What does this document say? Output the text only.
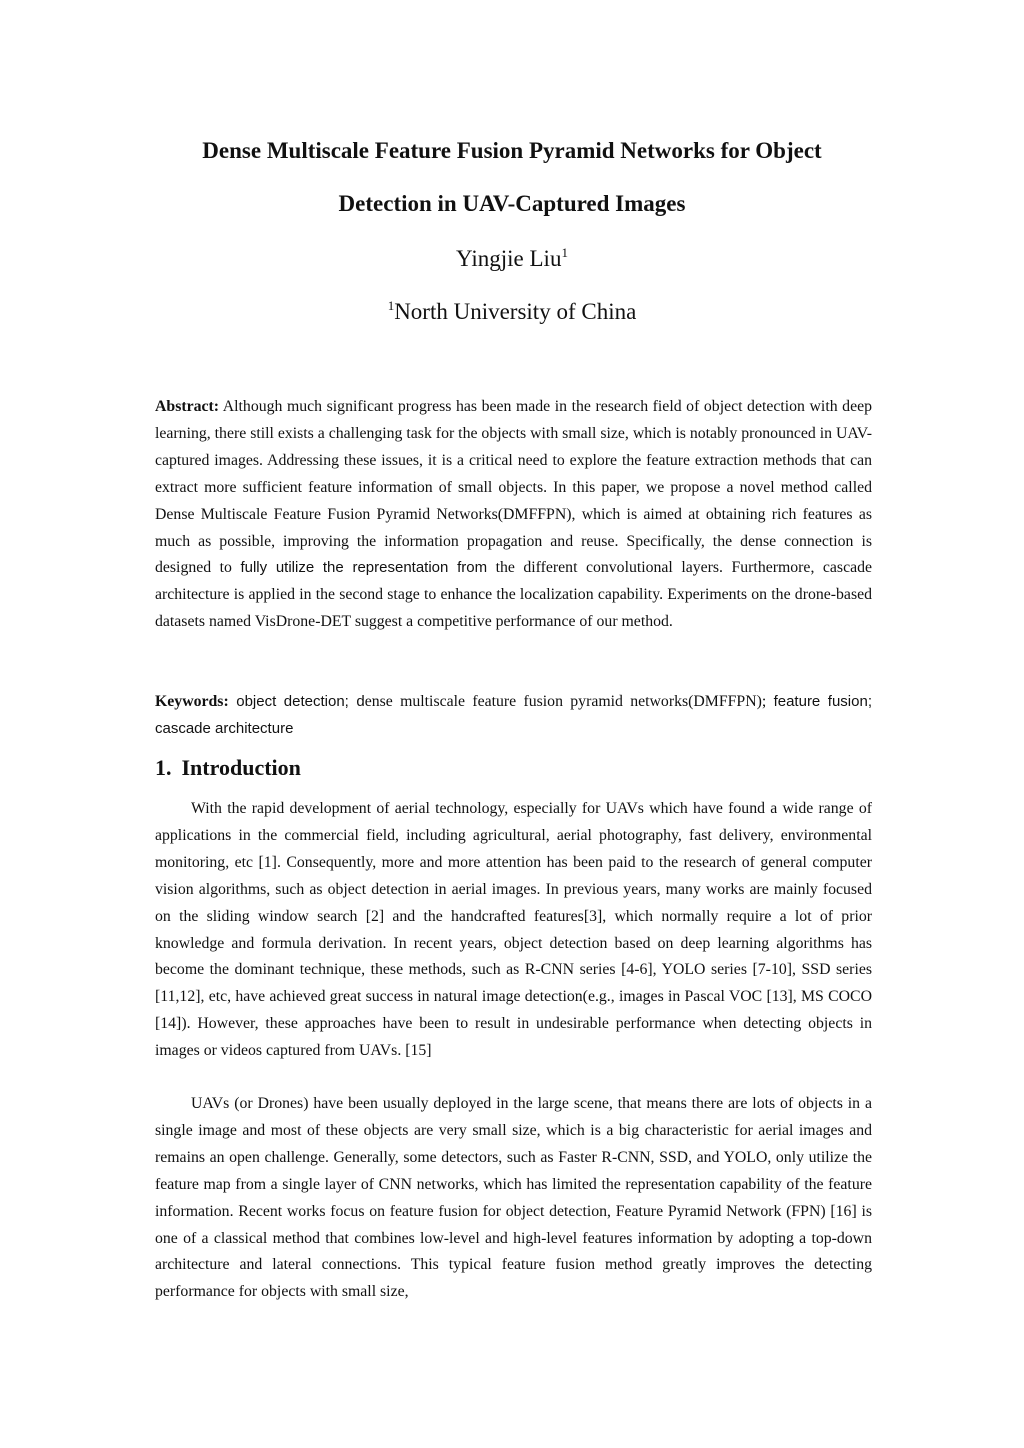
Dense Multiscale Feature Fusion Pyramid Networks for Object
Detection in UAV-Captured Images
Yingjie Liu$^1$
$^1$North University of China

Abstract: Although much significant progress has been made in the research field of object detection with deep learning, there still exists a challenging task for the objects with small size, which is notably pronounced in UAV-captured images. Addressing these issues, it is a critical need to explore the feature extraction methods that can extract more sufficient feature information of small objects. In this paper, we propose a novel method called Dense Multiscale Feature Fusion Pyramid Networks(DMFFPN), which is aimed at obtaining rich features as much as possible, improving the information propagation and reuse. Specifically, the dense connection is designed to fully utilize the representation from the different convolutional layers. Furthermore, cascade architecture is applied in the second stage to enhance the localization capability. Experiments on the drone-based datasets named VisDrone-DET suggest a competitive performance of our method.

Keywords: object detection; dense multiscale feature fusion pyramid networks(DMFFPN); feature fusion; cascade architecture

1. Introduction

With the rapid development of aerial technology, especially for UAVs which have found a wide range of applications in the commercial field, including agricultural, aerial photography, fast delivery, environmental monitoring, etc [1]. Consequently, more and more attention has been paid to the research of general computer vision algorithms, such as object detection in aerial images. In previous years, many works are mainly focused on the sliding window search [2] and the handcrafted features[3], which normally require a lot of prior knowledge and formula derivation. In recent years, object detection based on deep learning algorithms has become the dominant technique, these methods, such as R-CNN series [4-6], YOLO series [7-10], SSD series [11,12], etc, have achieved great success in natural image detection(e.g., images in Pascal VOC [13], MS COCO [14]). However, these approaches have been to result in undesirable performance when detecting objects in images or videos captured from UAVs. [15]

UAVs (or Drones) have been usually deployed in the large scene, that means there are lots of objects in a single image and most of these objects are very small size, which is a big characteristic for aerial images and remains an open challenge. Generally, some detectors, such as Faster R-CNN, SSD, and YOLO, only utilize the feature map from a single layer of CNN networks, which has limited the representation capability of the feature information. Recent works focus on feature fusion for object detection, Feature Pyramid Network (FPN) [16] is one of a classical method that combines low-level and high-level features information by adopting a top-down architecture and lateral connections. This typical feature fusion method greatly improves the detecting performance for objects with small size,
